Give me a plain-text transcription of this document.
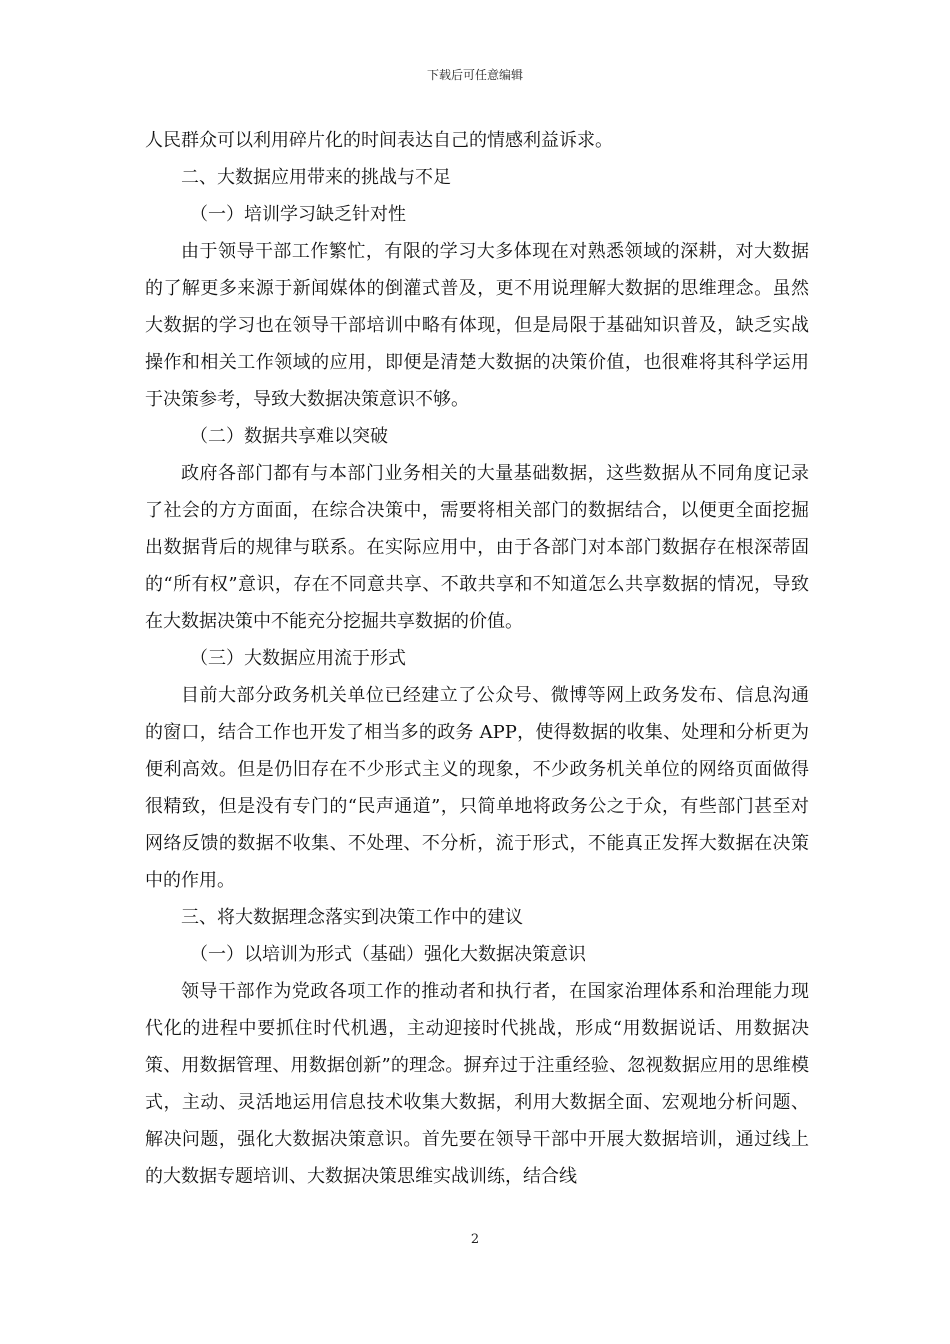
下载后可任意编辑

人民群众可以利用碎片化的时间表达自己的情感利益诉求。

二、大数据应用带来的挑战与不足

（一）培训学习缺乏针对性

由于领导干部工作繁忙，有限的学习大多体现在对熟悉领域的深耕，对大数据的了解更多来源于新闻媒体的倒灌式普及，更不用说理解大数据的思维理念。虽然大数据的学习也在领导干部培训中略有体现，但是局限于基础知识普及，缺乏实战操作和相关工作领域的应用，即便是清楚大数据的决策价值，也很难将其科学运用于决策参考，导致大数据决策意识不够。

（二）数据共享难以突破

政府各部门都有与本部门业务相关的大量基础数据，这些数据从不同角度记录了社会的方方面面，在综合决策中，需要将相关部门的数据结合，以便更全面挖掘出数据背后的规律与联系。在实际应用中，由于各部门对本部门数据存在根深蒂固的“所有权”意识，存在不同意共享、不敢共享和不知道怎么共享数据的情况，导致在大数据决策中不能充分挖掘共享数据的价值。

（三）大数据应用流于形式

目前大部分政务机关单位已经建立了公众号、微博等网上政务发布、信息沟通的窗口，结合工作也开发了相当多的政务 APP，使得数据的收集、处理和分析更为便利高效。但是仍旧存在不少形式主义的现象，不少政务机关单位的网络页面做得很精致，但是没有专门的“民声通道”，只简单地将政务公之于众，有些部门甚至对网络反馈的数据不收集、不处理、不分析，流于形式，不能真正发挥大数据在决策中的作用。

三、将大数据理念落实到决策工作中的建议

（一）以培训为形式（基础）强化大数据决策意识

领导干部作为党政各项工作的推动者和执行者，在国家治理体系和治理能力现代化的进程中要抓住时代机遇，主动迎接时代挑战，形成“用数据说话、用数据决策、用数据管理、用数据创新”的理念。摒弃过于注重经验、忽视数据应用的思维模式，主动、灵活地运用信息技术收集大数据，利用大数据全面、宏观地分析问题、解决问题，强化大数据决策意识。首先要在领导干部中开展大数据培训，通过线上的大数据专题培训、大数据决策思维实战训练，结合线

2
